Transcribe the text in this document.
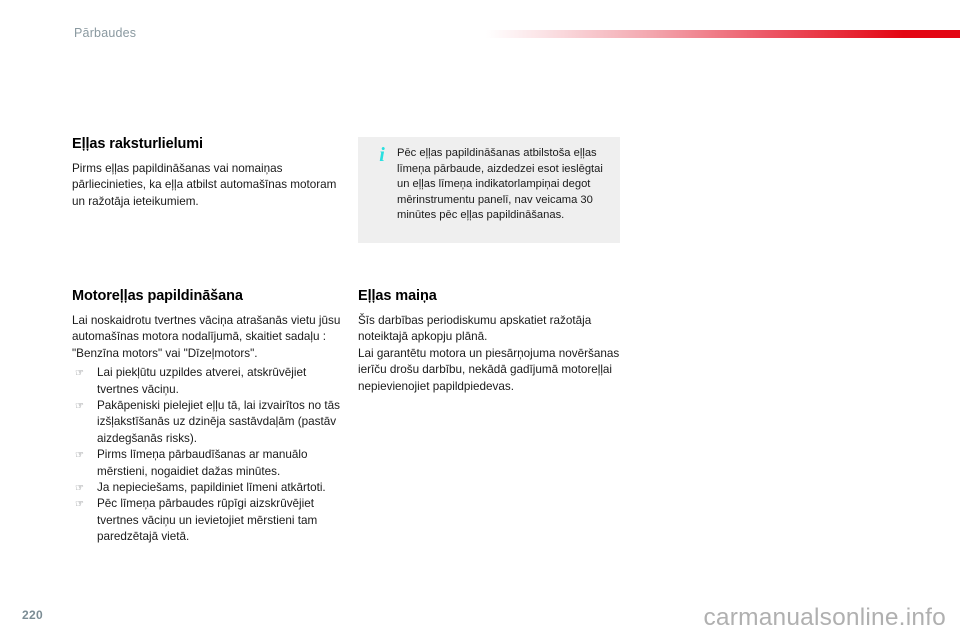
Pārbaudes
Eļļas raksturlielumi
Pirms eļļas papildināšanas vai nomaiņas pārliecinieties, ka eļļa atbilst automašīnas motoram un ražotāja ieteikumiem.
Motoreļļas papildināšana
Lai noskaidrotu tvertnes vāciņa atrašanās vietu jūsu automašīnas motora nodalījumā, skaitiet sadaļu : "Benzīna motors" vai "Dīzeļmotors".
☞ Lai piekļūtu uzpildes atverei, atskrūvējiet tvertnes vāciņu.
☞ Pakāpeniski pielejiet eļļu tā, lai izvairītos no tās izšļakstīšanās uz dzinēja sastāvdaļām (pastāv aizdegšanās risks).
☞ Pirms līmeņa pārbaudīšanas ar manuālo mērstieni, nogaidiet dažas minūtes.
☞ Ja nepieciešams, papildiniet līmeni atkārtoti.
☞ Pēc līmeņa pārbaudes rūpīgi aizskrūvējiet tvertnes vāciņu un ievietojiet mērstieni tam paredzētajā vietā.
i	Pēc eļļas papildināšanas atbilstoša eļļas līmeņa pārbaude, aizdedzei esot ieslēgtai un eļļas līmeņa indikatorlampiņai degot mērinstrumentu panelī, nav veicama 30 minūtes pēc eļļas papildināšanas.
Eļļas maiņa

Šīs darbības periodiskumu apskatiet ražotāja noteiktajā apkopju plānā.

Lai garantētu motora un piesārņojuma novēršanas ierīču drošu darbību, nekādā gadījumā motoreļļai nepievienojiet papildpiedevas.

220	carmanualsonline.info
